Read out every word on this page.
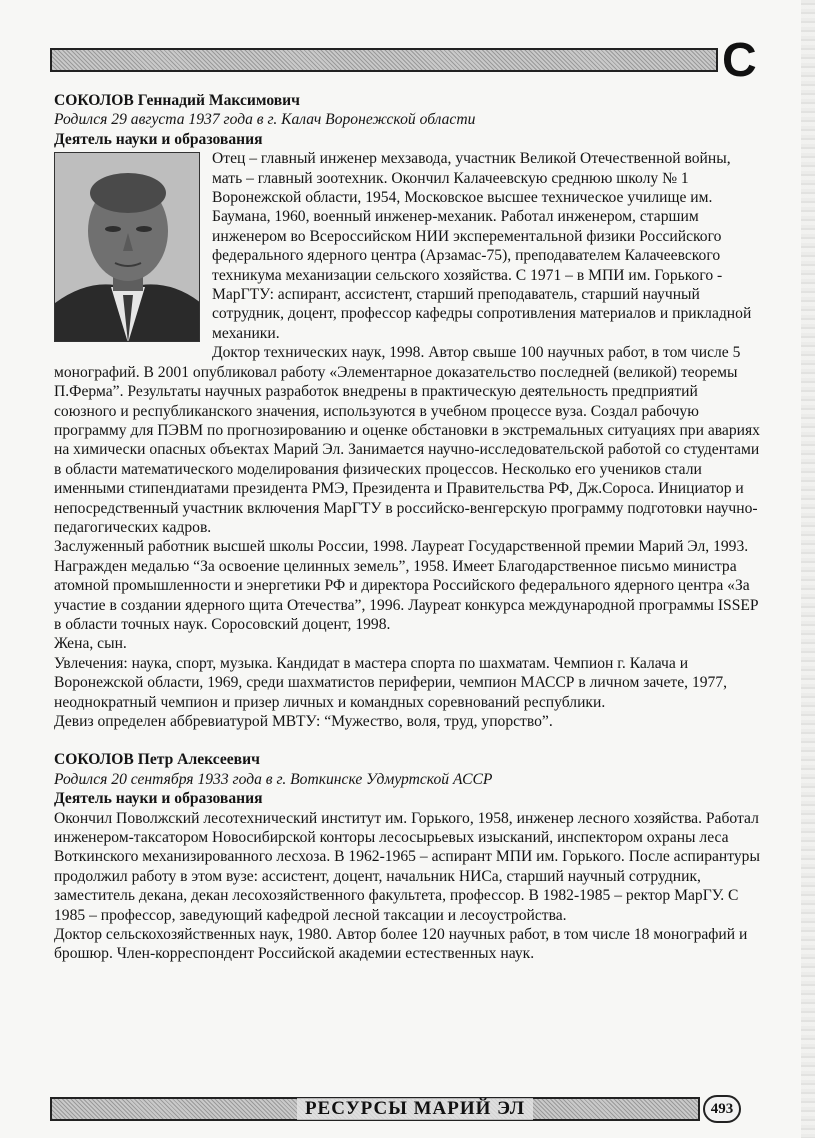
С

СОКОЛОВ Геннадий Максимович

Родился 29 августа 1937 года в г. Калач Воронежской области

Деятель науки и образования

Отец – главный инженер мехзавода, участник Великой Отечественной войны, мать – главный зоотехник. Окончил Калачеевскую среднюю школу № 1 Воронежской области, 1954, Московское высшее техническое училище им. Баумана, 1960, военный инженер-механик. Работал инженером, старшим инженером во Всероссийском НИИ эксперементальной физики Российского федерального ядерного центра (Арзамас-75), преподавателем Калачеевского техникума механизации сельского хозяйства. С 1971 – в МПИ им. Горького - МарГТУ: аспирант, ассистент, старший преподаватель, старший научный сотрудник, доцент, профессор кафедры сопротивления материалов и прикладной механики.

Доктор технических наук, 1998. Автор свыше 100 научных работ, в том числе 5 монографий. В 2001 опубликовал работу «Элементарное доказательство последней (великой) теоремы П.Ферма”. Результаты научных разработок внедрены в практическую деятельность предприятий союзного и республиканского значения, используются в учебном процессе вуза. Создал рабочую программу для ПЭВМ по прогнозированию и оценке обстановки в экстремальных ситуациях при авариях на химически опасных объектах Марий Эл. Занимается научно-исследовательской работой со студентами в области математического моделирования физических процессов. Несколько его учеников стали именными стипендиатами президента РМЭ, Президента и Правительства РФ, Дж.Сороса. Инициатор и непосредственный участник включения МарГТУ в российско-венгерскую программу подготовки научно-педагогических кадров.

Заслуженный работник высшей школы России, 1998. Лауреат Государственной премии Марий Эл, 1993. Награжден медалью “За освоение целинных земель”, 1958. Имеет Благодарственное письмо министра атомной промышленности и энергетики РФ и директора Российского федерального ядерного центра «За участие в создании ядерного щита Отечества”, 1996. Лауреат конкурса международной программы ISSEP в области точных наук. Соросовский доцент, 1998.

Жена, сын.

Увлечения: наука, спорт, музыка. Кандидат в мастера спорта по шахматам. Чемпион г. Калача и Воронежской области, 1969, среди шахматистов периферии, чемпион МАССР в личном зачете, 1977, неоднократный чемпион и призер личных и командных соревнований республики.

Девиз определен аббревиатурой МВТУ: “Мужество, воля, труд, упорство”.

СОКОЛОВ Петр Алексеевич

Родился 20 сентября 1933 года в г. Воткинске Удмуртской АССР

Деятель науки и образования

Окончил Поволжский лесотехнический институт им. Горького, 1958, инженер лесного хозяйства. Работал инженером-таксатором Новосибирской конторы лесосырьевых изысканий, инспектором охраны леса Воткинского механизированного лесхоза. В 1962-1965 – аспирант МПИ им. Горького. После аспирантуры продолжил работу в этом вузе: ассистент, доцент, начальник НИСа, старший научный сотрудник, заместитель декана, декан лесохозяйственного факультета, профессор. В 1982-1985 – ректор МарГУ. С 1985 – профессор, заведующий кафедрой лесной таксации и лесоустройства.

Доктор сельскохозяйственных наук, 1980. Автор более 120 научных работ, в том числе 18 монографий и брошюр. Член-корреспондент Российской академии естественных наук.

РЕСУРСЫ МАРИЙ ЭЛ	493
